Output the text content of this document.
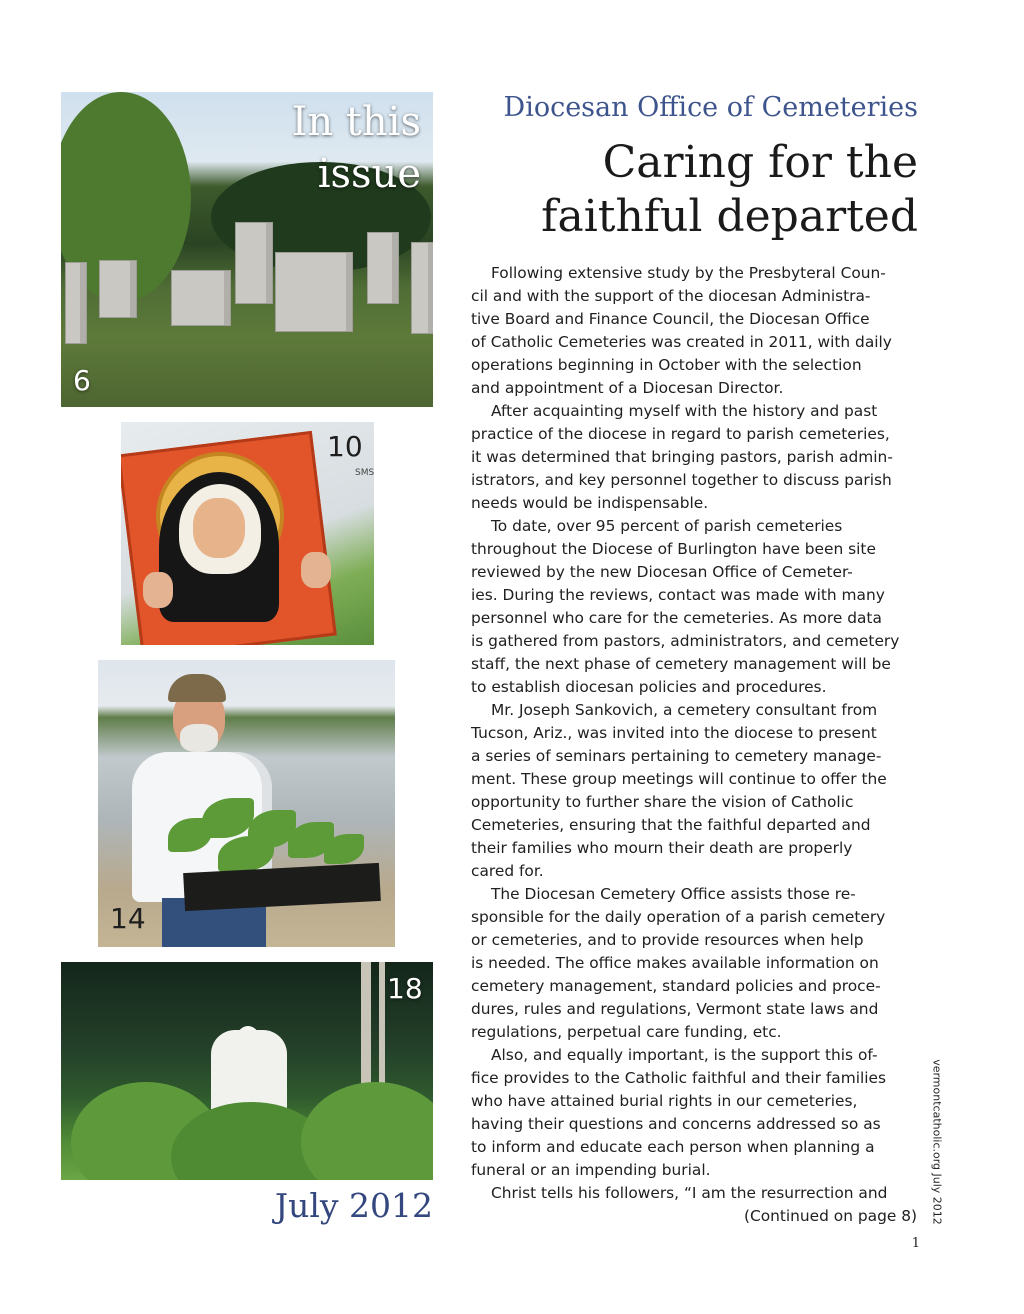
In this
issue
6
10
SMS
14
18
July 2012
Diocesan Office of Cemeteries
Caring for the
faithful departed
Following extensive study by the Presbyteral Coun-
cil and with the support of the diocesan Administra-
tive Board and Finance Council, the Diocesan Office
of Catholic Cemeteries was created in 2011, with daily
operations beginning in October with the selection
and appointment of a Diocesan Director.
After acquainting myself with the history and past
practice of the diocese in regard to parish cemeteries,
it was determined that bringing pastors, parish admin-
istrators, and key personnel together to discuss parish
needs would be indispensable.
To date, over 95 percent of parish cemeteries
throughout the Diocese of Burlington have been site
reviewed by the new Diocesan Office of Cemeter-
ies. During the reviews, contact was made with many
personnel who care for the cemeteries. As more data
is gathered from pastors, administrators, and cemetery
staff, the next phase of cemetery management will be
to establish diocesan policies and procedures.
Mr. Joseph Sankovich, a cemetery consultant from
Tucson, Ariz., was invited into the diocese to present
a series of seminars pertaining to cemetery manage-
ment. These group meetings will continue to offer the
opportunity to further share the vision of Catholic
Cemeteries, ensuring that the faithful departed and
their families who mourn their death are properly
cared for.
The Diocesan Cemetery Office assists those re-
sponsible for the daily operation of a parish cemetery
or cemeteries, and to provide resources when help
is needed. The office makes available information on
cemetery management, standard policies and proce-
dures, rules and regulations, Vermont state laws and
regulations, perpetual care funding, etc.
Also, and equally important, is the support this of-
fice provides to the Catholic faithful and their families
who have attained burial rights in our cemeteries,
having their questions and concerns addressed so as
to inform and educate each person when planning a
funeral or an impending burial.
Christ tells his followers, “I am the resurrection and
(Continued on page 8)	vermontcatholic.org July 2012
1
